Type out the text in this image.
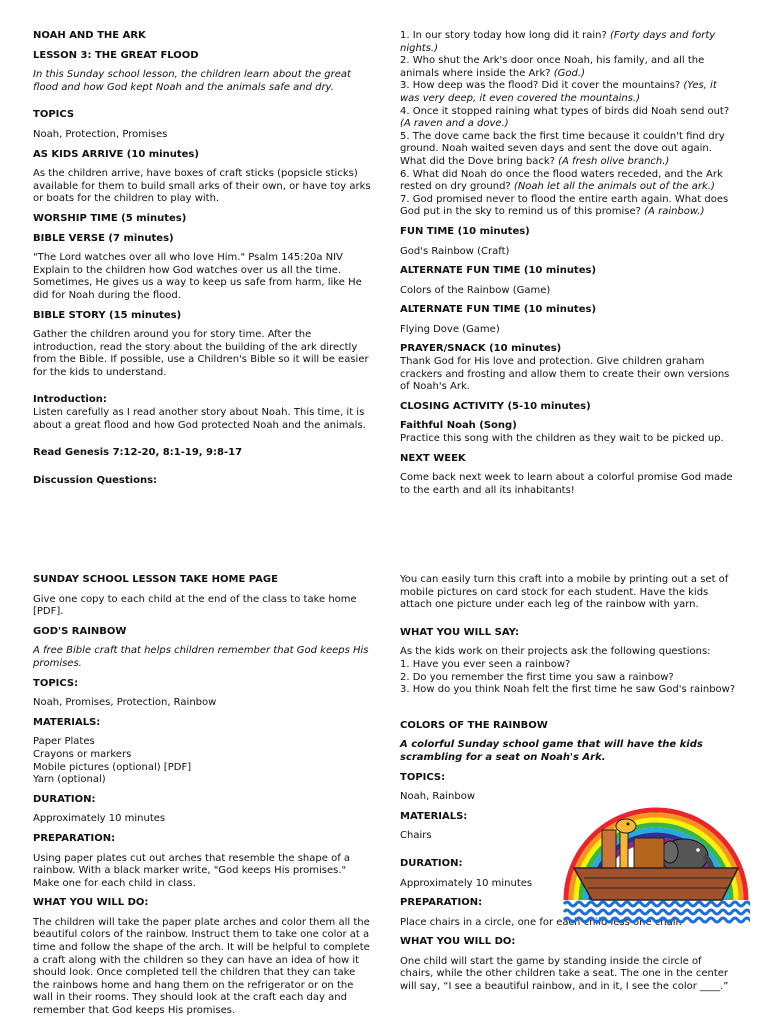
NOAH AND THE ARK

LESSON 3: THE GREAT FLOOD

In this Sunday school lesson, the children learn about the great flood and how God kept Noah and the animals safe and dry.

TOPICS

Noah, Protection, Promises

AS KIDS ARRIVE (10 minutes)

As the children arrive, have boxes of craft sticks (popsicle sticks) available for them to build small arks of their own, or have toy arks or boats for the children to play with.

WORSHIP TIME (5 minutes)

BIBLE VERSE (7 minutes)

"The Lord watches over all who love Him." Psalm 145:20a NIV Explain to the children how God watches over us all the time. Sometimes, He gives us a way to keep us safe from harm, like He did for Noah during the flood.

BIBLE STORY (15 minutes)

Gather the children around you for story time. After the introduction, read the story about the building of the ark directly from the Bible. If possible, use a Children's Bible so it will be easier for the kids to understand.

Introduction:

Listen carefully as I read another story about Noah. This time, it is about a great flood and how God protected Noah and the animals.

Read Genesis 7:12-20, 8:1-19, 9:8-17

Discussion Questions:

1. In our story today how long did it rain? (Forty days and forty nights.)

2. Who shut the Ark's door once Noah, his family, and all the animals where inside the Ark? (God.)

3. How deep was the flood? Did it cover the mountains? (Yes, it was very deep, it even covered the mountains.)

4. Once it stopped raining what types of birds did Noah send out? (A raven and a dove.)

5. The dove came back the first time because it couldn't find dry ground. Noah waited seven days and sent the dove out again. What did the Dove bring back? (A fresh olive branch.)

6. What did Noah do once the flood waters receded, and the Ark rested on dry ground? (Noah let all the animals out of the ark.)

7. God promised never to flood the entire earth again. What does God put in the sky to remind us of this promise? (A rainbow.)

FUN TIME (10 minutes)

God's Rainbow (Craft)

ALTERNATE FUN TIME (10 minutes)

Colors of the Rainbow (Game)

ALTERNATE FUN TIME (10 minutes)

Flying Dove (Game)

PRAYER/SNACK (10 minutes)

Thank God for His love and protection. Give children graham crackers and frosting and allow them to create their own versions of Noah's Ark.

CLOSING ACTIVITY (5-10 minutes)

Faithful Noah (Song)

Practice this song with the children as they wait to be picked up.

NEXT WEEK

Come back next week to learn about a colorful promise God made to the earth and all its inhabitants!

SUNDAY SCHOOL LESSON TAKE HOME PAGE

Give one copy to each child at the end of the class to take home [PDF].

GOD'S RAINBOW

A free Bible craft that helps children remember that God keeps His promises.

TOPICS:

Noah, Promises, Protection, Rainbow

MATERIALS:

Paper Plates

Crayons or markers

Mobile pictures (optional) [PDF]

Yarn (optional)

DURATION:

Approximately 10 minutes

PREPARATION:

Using paper plates cut out arches that resemble the shape of a rainbow. With a black marker write, "God keeps His promises." Make one for each child in class.

WHAT YOU WILL DO:

The children will take the paper plate arches and color them all the beautiful colors of the rainbow. Instruct them to take one color at a time and follow the shape of the arch. It will be helpful to complete a craft along with the children so they can have an idea of how it should look. Once completed tell the children that they can take the rainbows home and hang them on the refrigerator or on the wall in their rooms. They should look at the craft each day and remember that God keeps His promises.

You can easily turn this craft into a mobile by printing out a set of mobile pictures on card stock for each student. Have the kids attach one picture under each leg of the rainbow with yarn.

WHAT YOU WILL SAY:

As the kids work on their projects ask the following questions:

1. Have you ever seen a rainbow?

2. Do you remember the first time you saw a rainbow?

3. How do you think Noah felt the first time he saw God's rainbow?

COLORS OF THE RAINBOW

A colorful Sunday school game that will have the kids scrambling for a seat on Noah's Ark.

TOPICS:

Noah, Rainbow

MATERIALS:

Chairs

DURATION:

Approximately 10 minutes

PREPARATION:

Place chairs in a circle, one for each child less one chair.

WHAT YOU WILL DO:

One child will start the game by standing inside the circle of chairs, while the other children take a seat. The one in the center will say, “I see a beautiful rainbow, and in it, I see the color ____.”
